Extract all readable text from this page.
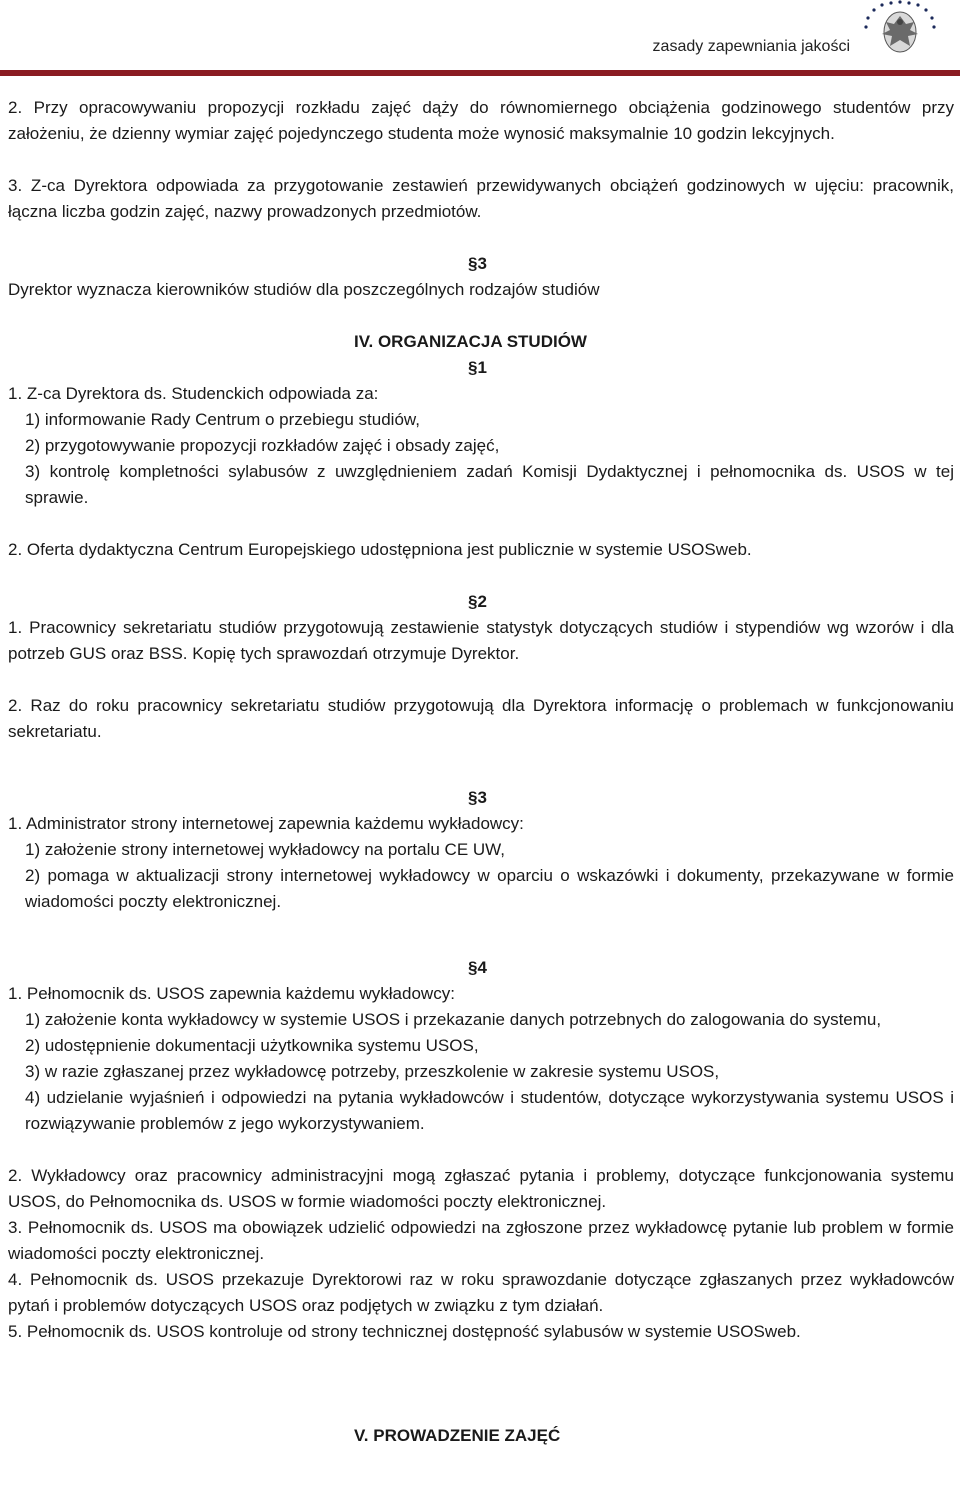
zasady zapewniania jakości

2. Przy opracowywaniu propozycji rozkładu zajęć dąży do równomiernego obciążenia godzinowego studentów przy założeniu, że dzienny wymiar zajęć pojedynczego studenta może wynosić maksymalnie 10 godzin lekcyjnych.

3. Z-ca Dyrektora odpowiada za przygotowanie zestawień przewidywanych obciążeń godzinowych w ujęciu: pracownik, łączna liczba godzin zajęć, nazwy prowadzonych przedmiotów.

§3

Dyrektor wyznacza kierowników studiów dla poszczególnych rodzajów studiów

IV. ORGANIZACJA STUDIÓW

§1

1. Z-ca Dyrektora ds. Studenckich odpowiada za:

1) informowanie Rady Centrum o przebiegu studiów,

2) przygotowywanie propozycji rozkładów zajęć i obsady zajęć,

3) kontrolę kompletności sylabusów z uwzględnieniem zadań Komisji Dydaktycznej i pełnomocnika ds. USOS w tej sprawie.

2. Oferta dydaktyczna Centrum Europejskiego udostępniona jest publicznie w systemie USOSweb.

§2

1. Pracownicy sekretariatu studiów przygotowują zestawienie statystyk dotyczących studiów i stypendiów wg wzorów i dla potrzeb GUS oraz BSS. Kopię tych sprawozdań otrzymuje Dyrektor.

2. Raz do roku pracownicy sekretariatu studiów przygotowują dla Dyrektora informację o problemach w funkcjonowaniu sekretariatu.

§3

1. Administrator strony internetowej zapewnia każdemu wykładowcy:

1) założenie strony internetowej wykładowcy na portalu CE UW,

2) pomaga w aktualizacji strony internetowej wykładowcy w oparciu o wskazówki i dokumenty, przekazywane w formie wiadomości poczty elektronicznej.

§4

1. Pełnomocnik ds. USOS zapewnia każdemu wykładowcy:

1) założenie konta wykładowcy w systemie USOS i przekazanie danych potrzebnych do zalogowania do systemu,

2) udostępnienie dokumentacji użytkownika systemu USOS,

3) w razie zgłaszanej przez wykładowcę potrzeby, przeszkolenie w zakresie systemu USOS,

4) udzielanie wyjaśnień i odpowiedzi na pytania wykładowców i studentów, dotyczące wykorzystywania systemu USOS i rozwiązywanie problemów z jego wykorzystywaniem.

2. Wykładowcy oraz pracownicy administracyjni mogą zgłaszać pytania i problemy, dotyczące funkcjonowania systemu USOS, do Pełnomocnika ds. USOS w formie wiadomości poczty elektronicznej.

3. Pełnomocnik ds. USOS ma obowiązek udzielić odpowiedzi na zgłoszone przez wykładowcę pytanie lub problem w formie wiadomości poczty elektronicznej.

4. Pełnomocnik ds. USOS przekazuje Dyrektorowi raz w roku sprawozdanie dotyczące zgłaszanych przez wykładowców pytań i problemów dotyczących USOS oraz podjętych w związku z tym działań.

5. Pełnomocnik ds. USOS kontroluje od strony technicznej dostępność sylabusów w systemie USOSweb.

V. PROWADZENIE ZAJĘĆ
